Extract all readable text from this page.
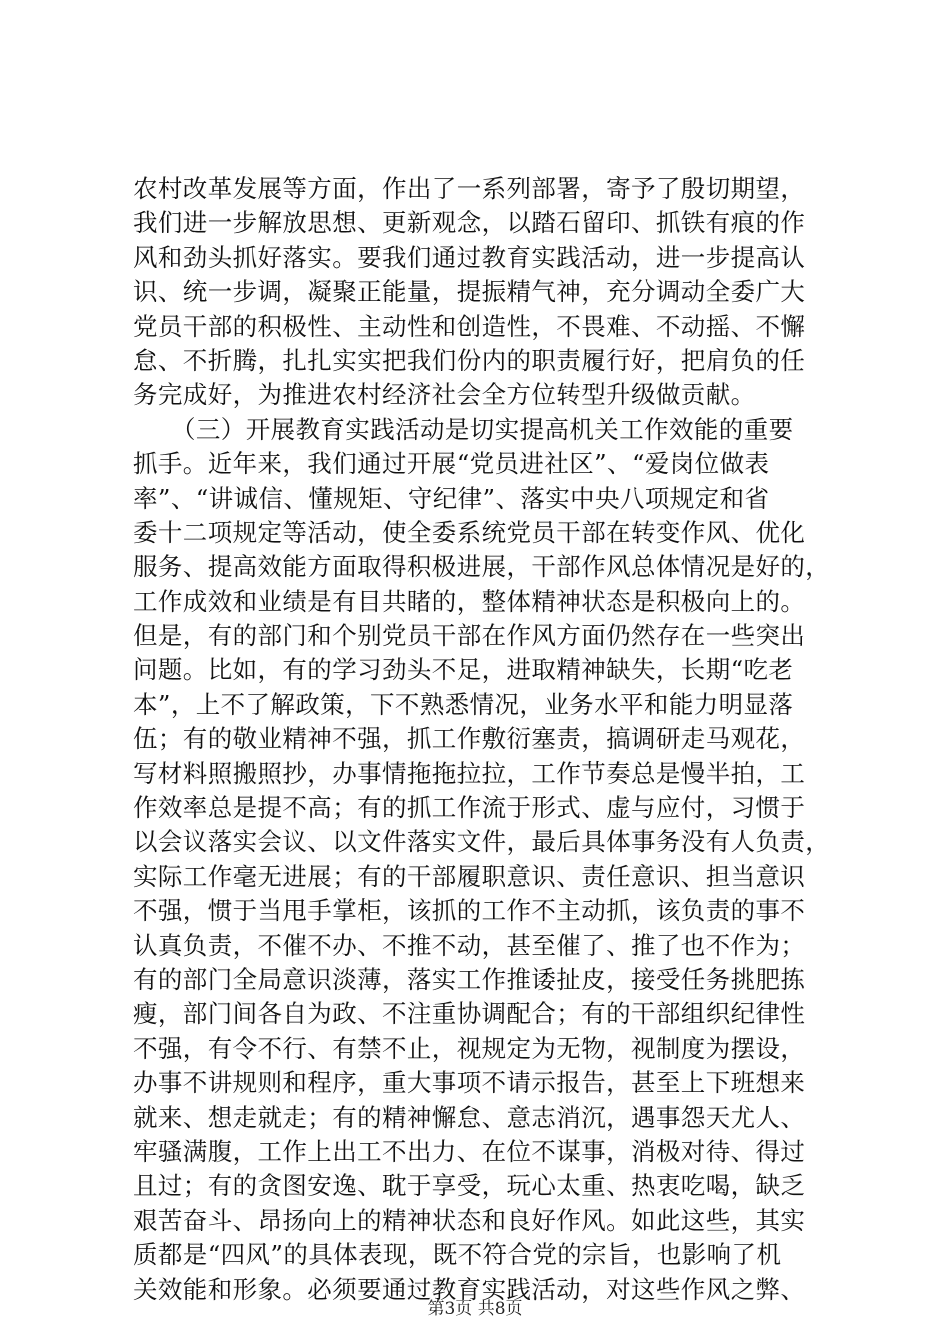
农村改革发展等方面，作出了一系列部署，寄予了殷切期望，
我们进一步解放思想、更新观念，以踏石留印、抓铁有痕的作
风和劲头抓好落实。要我们通过教育实践活动，进一步提高认
识、统一步调，凝聚正能量，提振精气神，充分调动全委广大
党员干部的积极性、主动性和创造性，不畏难、不动摇、不懈
怠、不折腾，扎扎实实把我们份内的职责履行好，把肩负的任
务完成好，为推进农村经济社会全方位转型升级做贡献。
（三）开展教育实践活动是切实提高机关工作效能的重要
抓手。近年来，我们通过开展“党员进社区”、“爱岗位做表
率”、“讲诚信、懂规矩、守纪律”、落实中央八项规定和省
委十二项规定等活动，使全委系统党员干部在转变作风、优化
服务、提高效能方面取得积极进展，干部作风总体情况是好的，
工作成效和业绩是有目共睹的，整体精神状态是积极向上的。
但是，有的部门和个别党员干部在作风方面仍然存在一些突出
问题。比如，有的学习劲头不足，进取精神缺失，长期“吃老
本”，上不了解政策，下不熟悉情况，业务水平和能力明显落
伍；有的敬业精神不强，抓工作敷衍塞责，搞调研走马观花，
写材料照搬照抄，办事情拖拖拉拉，工作节奏总是慢半拍，工
作效率总是提不高；有的抓工作流于形式、虚与应付，习惯于
以会议落实会议、以文件落实文件，最后具体事务没有人负责，
实际工作毫无进展；有的干部履职意识、责任意识、担当意识
不强，惯于当甩手掌柜，该抓的工作不主动抓，该负责的事不
认真负责，不催不办、不推不动，甚至催了、推了也不作为；
有的部门全局意识淡薄，落实工作推诿扯皮，接受任务挑肥拣
瘦，部门间各自为政、不注重协调配合；有的干部组织纪律性
不强，有令不行、有禁不止，视规定为无物，视制度为摆设，
办事不讲规则和程序，重大事项不请示报告，甚至上下班想来
就来、想走就走；有的精神懈怠、意志消沉，遇事怨天尤人、
牢骚满腹，工作上出工不出力、在位不谋事，消极对待、得过
且过；有的贪图安逸、耽于享受，玩心太重、热衷吃喝，缺乏
艰苦奋斗、昂扬向上的精神状态和良好作风。如此这些，其实
质都是“四风”的具体表现，既不符合党的宗旨，也影响了机
关效能和形象。必须要通过教育实践活动，对这些作风之弊、
第3页 共8页
